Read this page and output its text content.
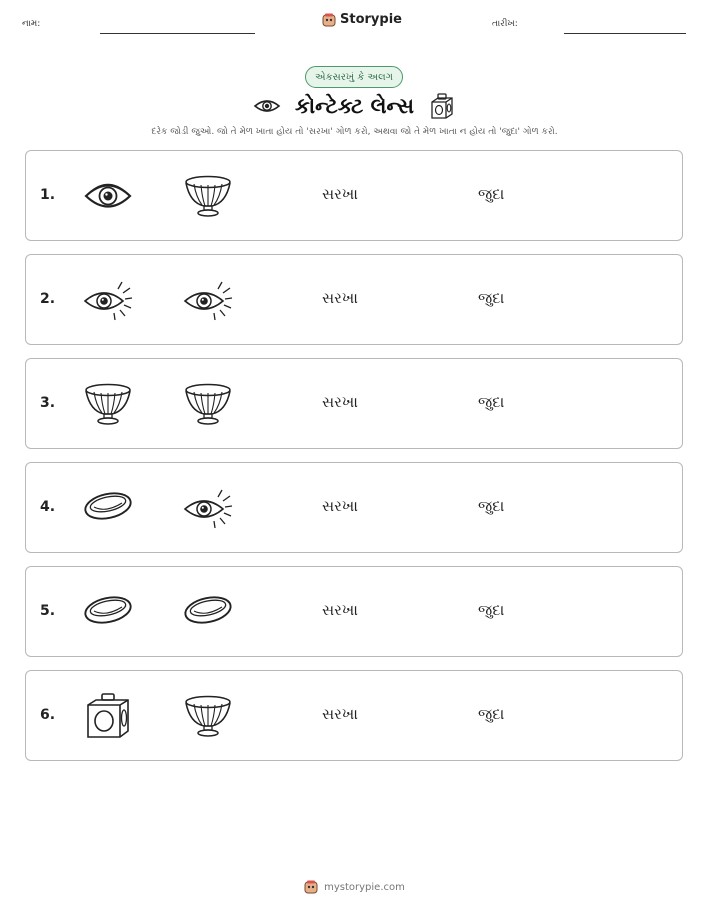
નામ:	Storypie	તારીખ:
એકસરખું કે અલગ
કોન્ટેક્ટ લેન્સ
દરેક જોડી જુઓ. જો તે મેળ ખાતા હોય તો 'સરખા' ગોળ કરો, અથવા જો તે મેળ ખાતા ન હોય તો 'જુદા' ગોળ કરો.
1.	સરખા	જુદા
2.	સરખા	જુદા
3.	સરખા	જુદા
4.	સરખા	જુદા
5.	સરખા	જુદા
6.	સરખા	જુદા
mystorypie.com
